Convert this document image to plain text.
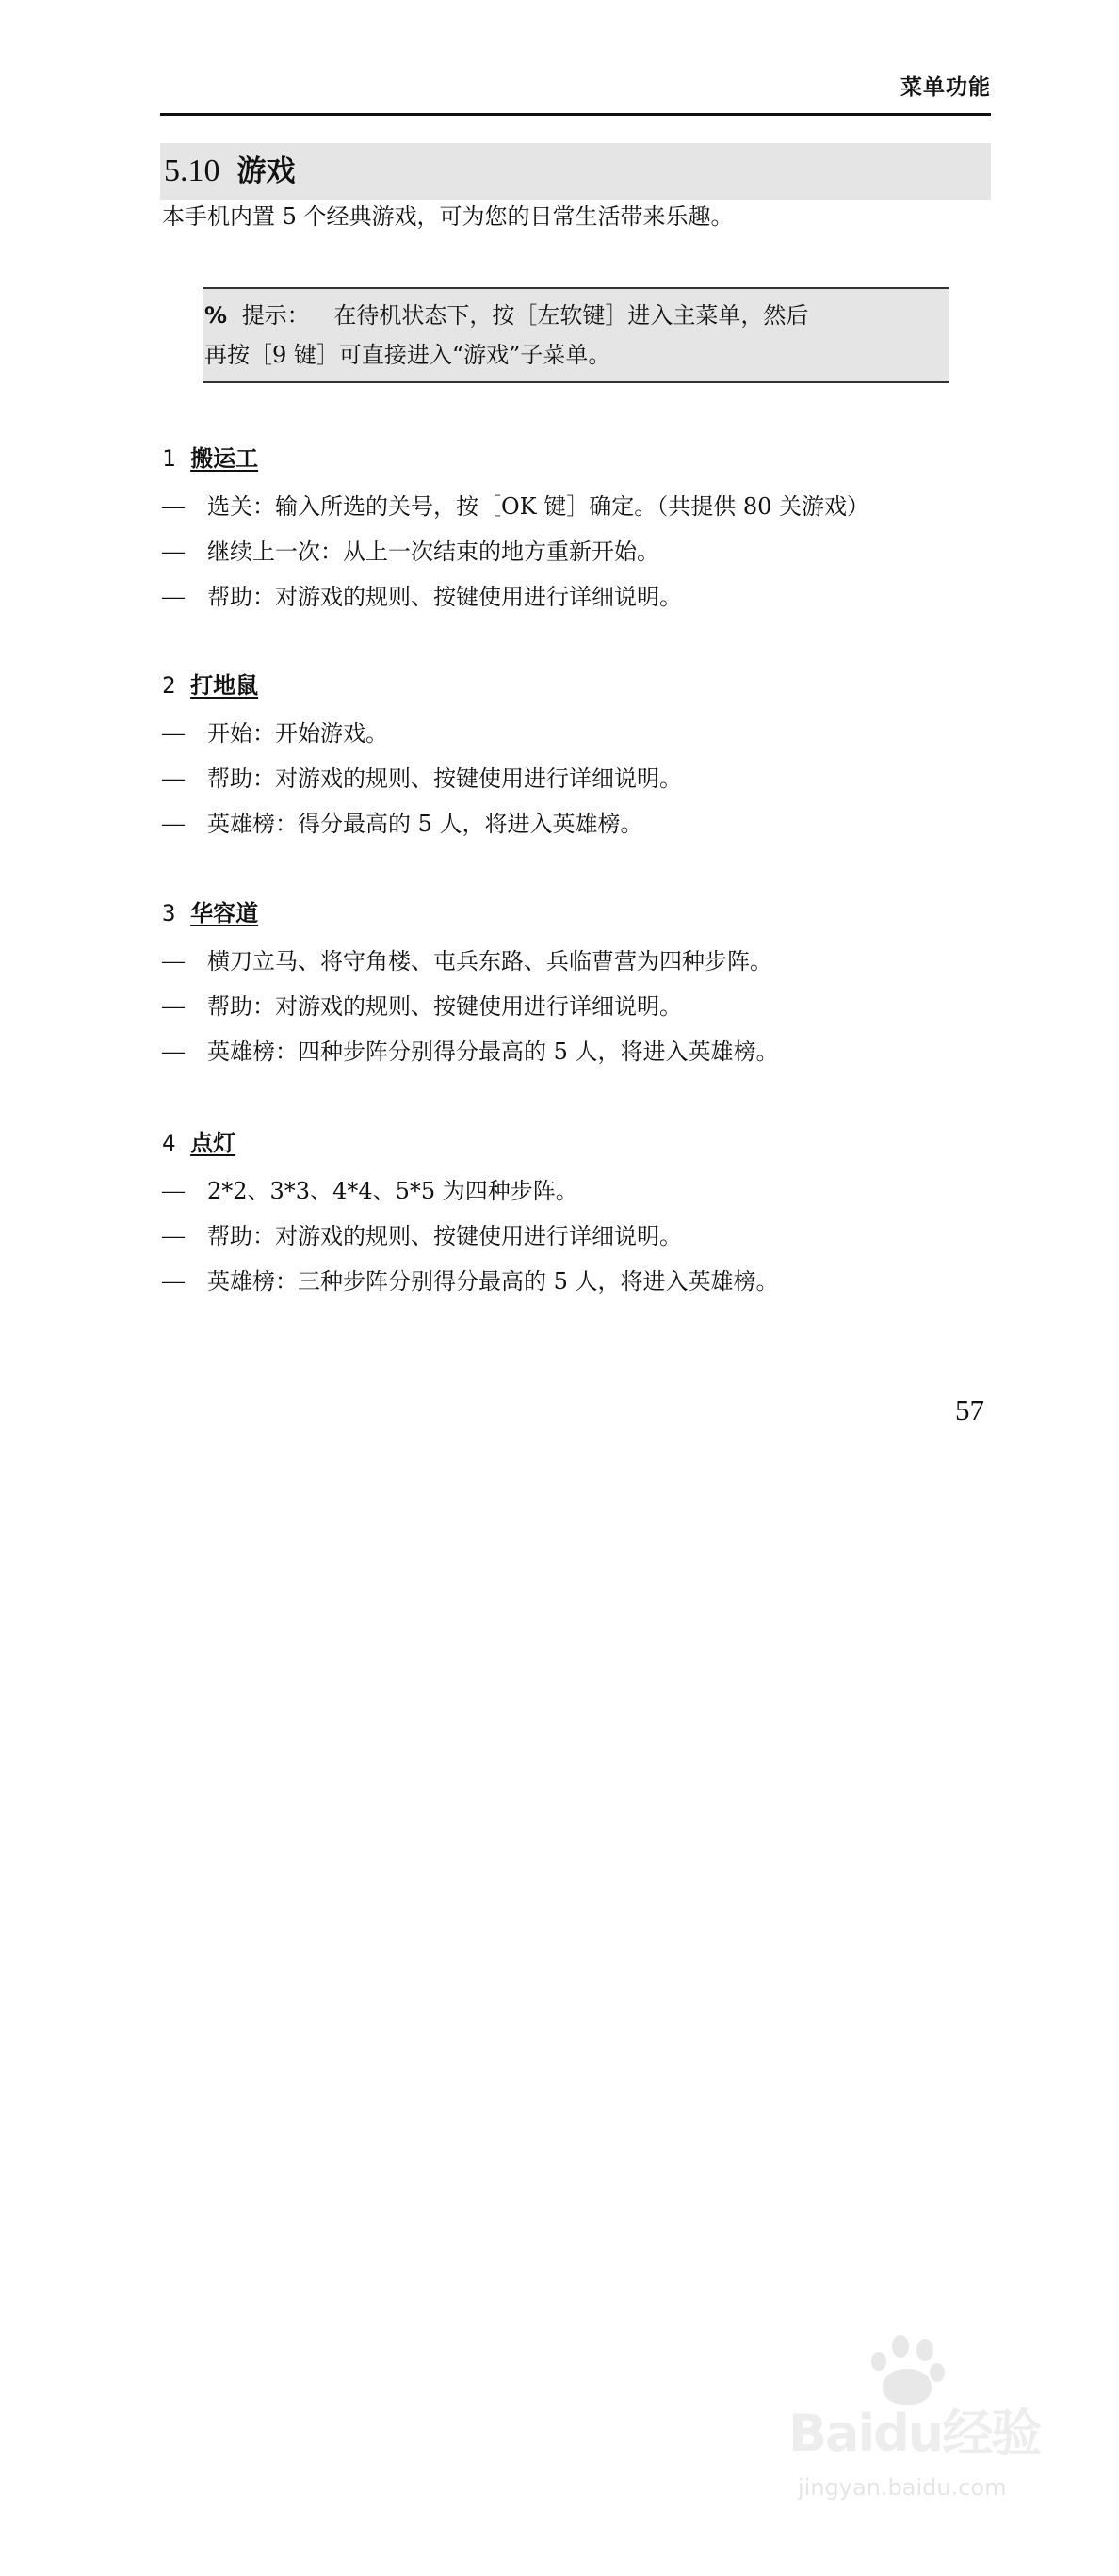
菜单功能
5.10 游戏
本手机内置 5 个经典游戏，可为您的日常生活带来乐趣。
% 提示： 在待机状态下，按［左软键］进入主菜单，然后
再按［9 键］可直接进入“游戏”子菜单。
1 搬运工
—	选关：输入所选的关号，按［OK 键］确定。（共提供 80 关游戏）
—	继续上一次：从上一次结束的地方重新开始。
—	帮助：对游戏的规则、按键使用进行详细说明。
2 打地鼠
—	开始：开始游戏。
—	帮助：对游戏的规则、按键使用进行详细说明。
—	英雄榜：得分最高的 5 人，将进入英雄榜。
3 华容道
—	横刀立马、将守角楼、屯兵东路、兵临曹营为四种步阵。
—	帮助：对游戏的规则、按键使用进行详细说明。
—	英雄榜：四种步阵分别得分最高的 5 人，将进入英雄榜。
4 点灯
—	2*2、3*3、4*4、5*5 为四种步阵。
—	帮助：对游戏的规则、按键使用进行详细说明。
—	英雄榜：三种步阵分别得分最高的 5 人，将进入英雄榜。
57
Baidu经验
jingyan.baidu.com
